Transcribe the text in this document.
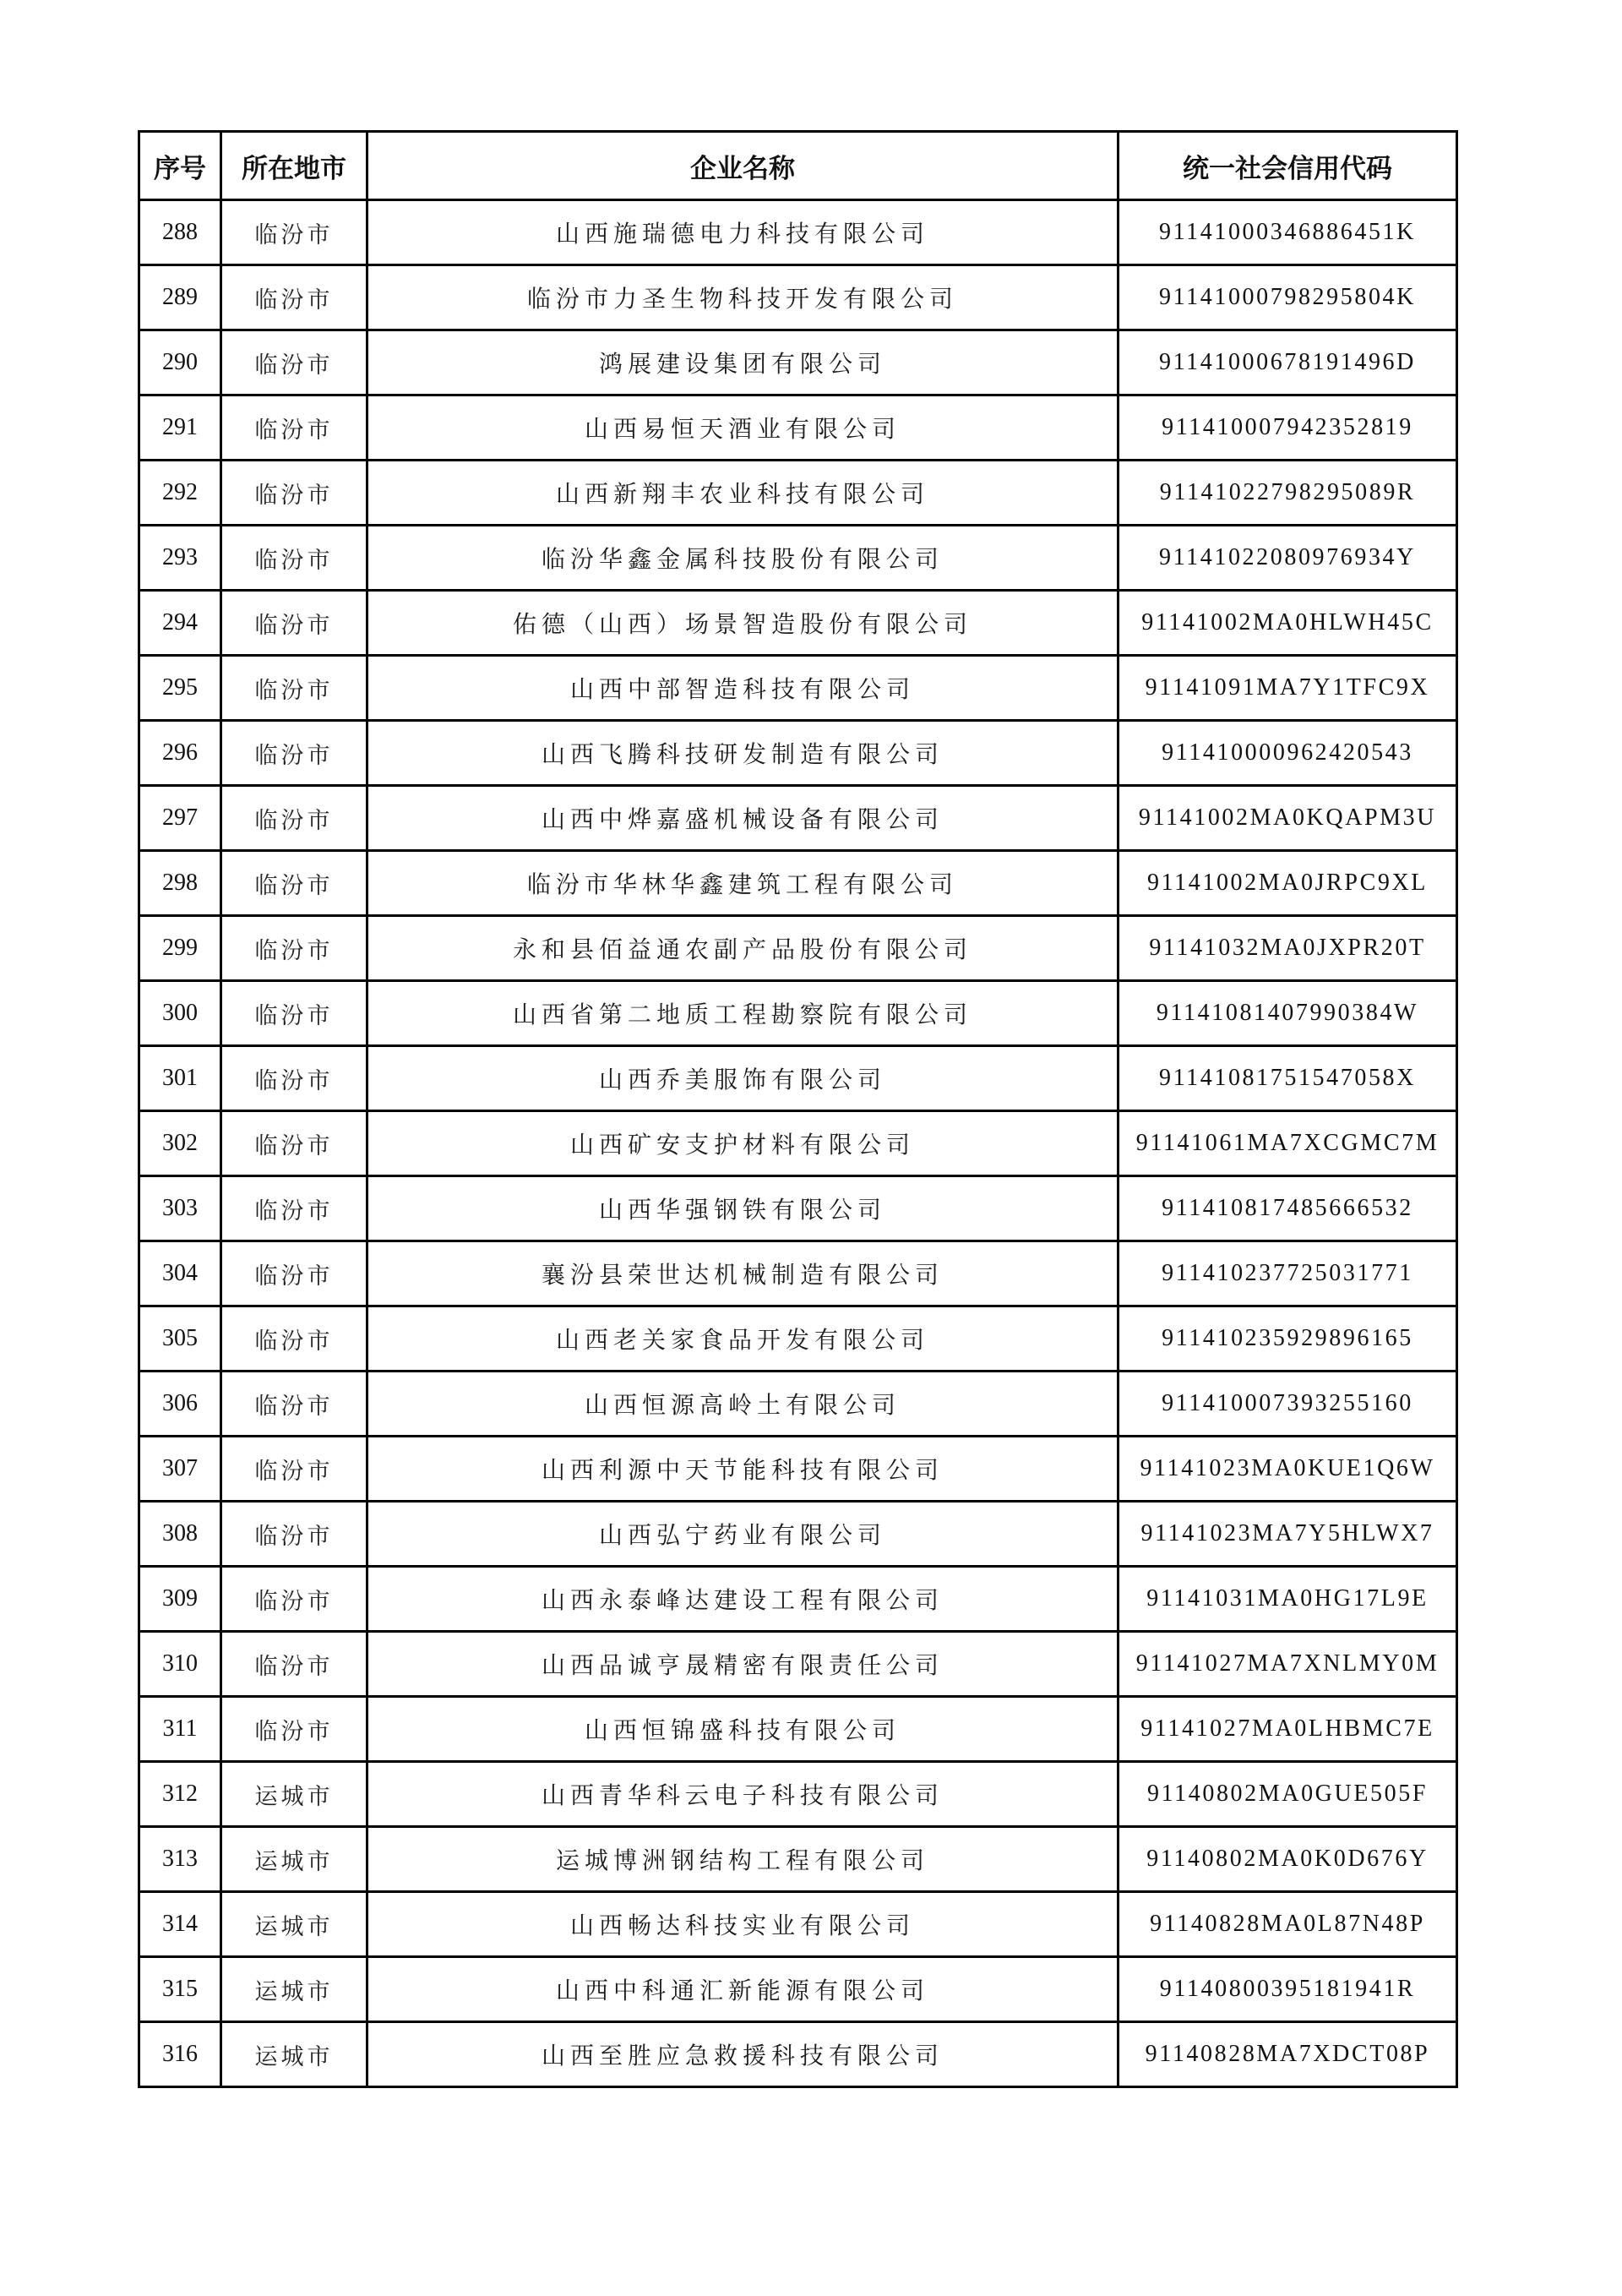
序号	所在地市	企业名称	统一社会信用代码
288	临汾市	山西施瑞德电力科技有限公司	91141000346886451K
289	临汾市	临汾市力圣生物科技开发有限公司	91141000798295804K
290	临汾市	鸿展建设集团有限公司	91141000678191496D
291	临汾市	山西易恒天酒业有限公司	911410007942352819
292	临汾市	山西新翔丰农业科技有限公司	91141022798295089R
293	临汾市	临汾华鑫金属科技股份有限公司	91141022080976934Y
294	临汾市	佑德（山西）场景智造股份有限公司	91141002MA0HLWH45C
295	临汾市	山西中部智造科技有限公司	91141091MA7Y1TFC9X
296	临汾市	山西飞腾科技研发制造有限公司	911410000962420543
297	临汾市	山西中烨嘉盛机械设备有限公司	91141002MA0KQAPM3U
298	临汾市	临汾市华林华鑫建筑工程有限公司	91141002MA0JRPC9XL
299	临汾市	永和县佰益通农副产品股份有限公司	91141032MA0JXPR20T
300	临汾市	山西省第二地质工程勘察院有限公司	91141081407990384W
301	临汾市	山西乔美服饰有限公司	91141081751547058X
302	临汾市	山西矿安支护材料有限公司	91141061MA7XCGMC7M
303	临汾市	山西华强钢铁有限公司	911410817485666532
304	临汾市	襄汾县荣世达机械制造有限公司	911410237725031771
305	临汾市	山西老关家食品开发有限公司	911410235929896165
306	临汾市	山西恒源高岭土有限公司	911410007393255160
307	临汾市	山西利源中天节能科技有限公司	91141023MA0KUE1Q6W
308	临汾市	山西弘宁药业有限公司	91141023MA7Y5HLWX7
309	临汾市	山西永泰峰达建设工程有限公司	91141031MA0HG17L9E
310	临汾市	山西品诚亨晟精密有限责任公司	91141027MA7XNLMY0M
311	临汾市	山西恒锦盛科技有限公司	91141027MA0LHBMC7E
312	运城市	山西青华科云电子科技有限公司	91140802MA0GUE505F
313	运城市	运城博洲钢结构工程有限公司	91140802MA0K0D676Y
314	运城市	山西畅达科技实业有限公司	91140828MA0L87N48P
315	运城市	山西中科通汇新能源有限公司	91140800395181941R
316	运城市	山西至胜应急救援科技有限公司	91140828MA7XDCT08P
